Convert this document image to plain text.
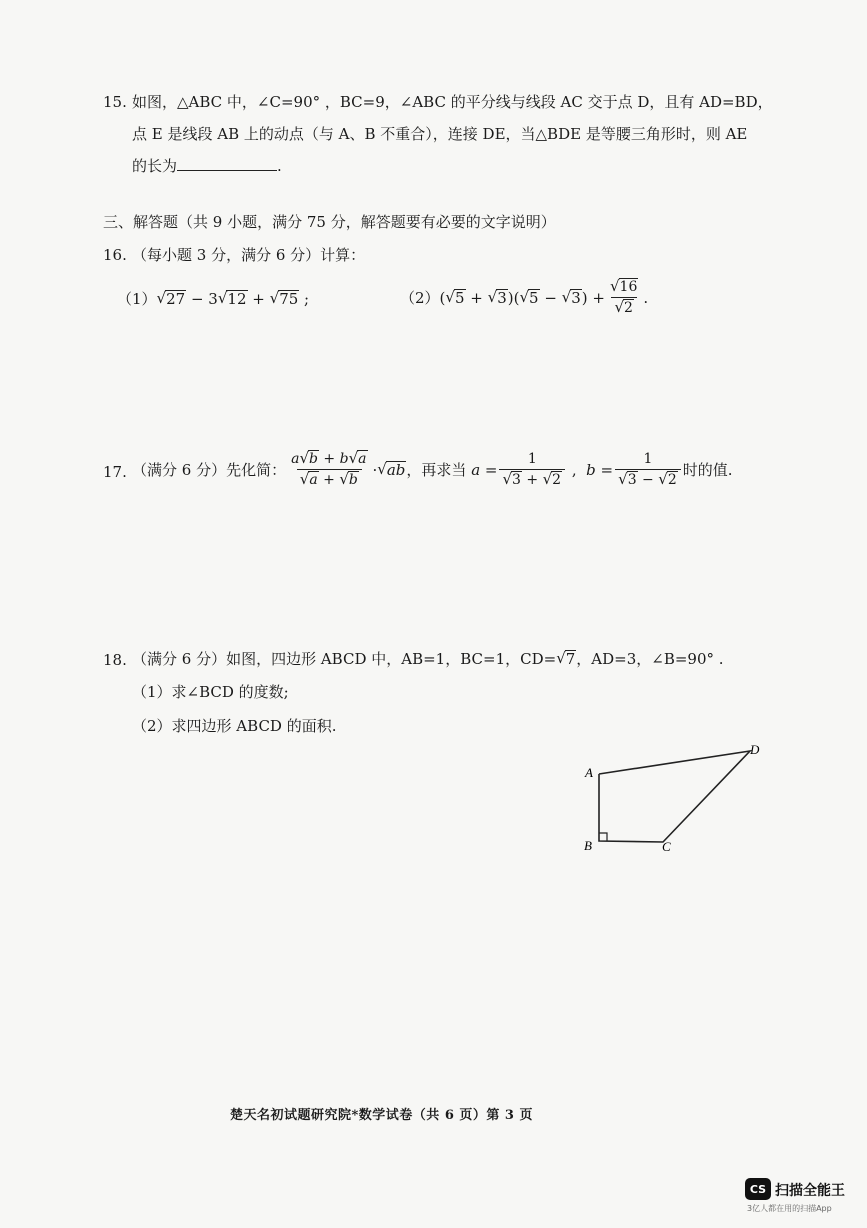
15. 如图，△ABC 中，∠C=90° ，BC=9，∠ABC 的平分线与线段 AC 交于点 D，且有 AD=BD，
点 E 是线段 AB 上的动点（与 A、B 不重合），连接 DE，当△BDE 是等腰三角形时，则 AE
的长为	.
三、解答题（共 9 小题，满分 75 分，解答题要有必要的文字说明）
16. （每小题 3 分，满分 6 分）计算：
（1） √ 27 − 3 √ 12 + √ 75 ;	（2） ( √ 5 + √ 3 )( √ 5 − √ 3 ) + $\frac{√ 16}{√ 2}$ .
17. （满分 6 分）先化简： $\frac{a √ b + b √ a}{√ a + √ b}$ · √ ab ，再求当 $a = \frac{1}{√ 3 + √ 2}$ , $b = \frac{1}{√ 3 - √ 2}$ 时的值.
18. （满分 6 分）如图，四边形 ABCD 中，AB=1，BC=1，CD= √ 7 ，AD=3，∠B=90° .
（1）求∠BCD 的度数;
（2）求四边形 ABCD 的面积.
A
B	C
D
楚天名初试题研究院*数学试卷（共 6 页）第 3 页
CS 扫描全能王
3亿人都在用的扫描App
